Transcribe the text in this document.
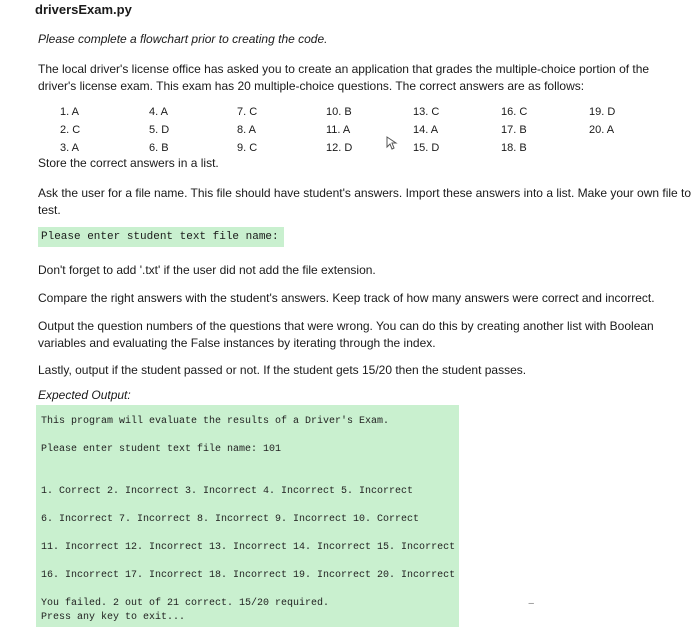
driversExam.py
Please complete a flowchart prior to creating the code.
The local driver's license office has asked you to create an application that grades the multiple-choice portion of the
driver's license exam. This exam has 20 multiple-choice questions. The correct answers are as follows:
1. A
2. C
3. A
4. A
5. D
6. B
7. C
8. A
9. C
10. B
11. A
12. D
13. C
14. A
15. D
16. C
17. B
18. B
19. D
20. A
Store the correct answers in a list.
Ask the user for a file name. This file should have student's answers. Import these answers into a list. Make your own file to test.
Please enter student text file name:
Don't forget to add '.txt' if the user did not add the file extension.
Compare the right answers with the student's answers. Keep track of how many answers were correct and incorrect.
Output the question numbers of the questions that were wrong. You can do this by creating another list with Boolean
variables and evaluating the False instances by iterating through the index.
Lastly, output if the student passed or not. If the student gets 15/20 then the student passes.
Expected Output:
This program will evaluate the results of a Driver's Exam.
Please enter student text file name: 101
1. Correct 2. Incorrect 3. Incorrect 4. Incorrect 5. Incorrect
6. Incorrect 7. Incorrect 8. Incorrect 9. Incorrect 10. Correct
11. Incorrect 12. Incorrect 13. Incorrect 14. Incorrect 15. Incorrect
16. Incorrect 17. Incorrect 18. Incorrect 19. Incorrect 20. Incorrect
You failed. 2 out of 21 correct. 15/20 required.
Press any key to exit...
−
